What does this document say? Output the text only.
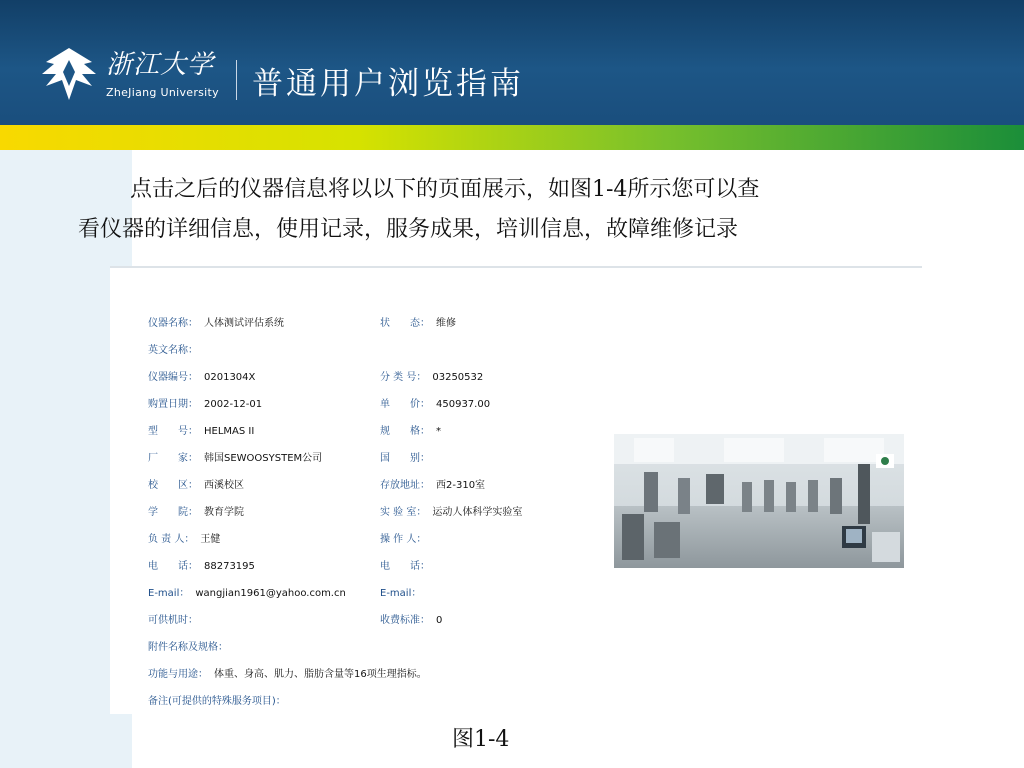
浙江大学
ZheJiang University 普通用户浏览指南

点击之后的仪器信息将以以下的页面展示，如图1-4所示您可以查

看仪器的详细信息，使用记录，服务成果，培训信息，故障维修记录

仪器名称： 人体测试评估系统
英文名称：
仪器编号： 0201304X
购置日期： 2002-12-01
型　　号： HELMAS II
厂　　家： 韩国SEWOOSYSTEM公司
校　　区： 西溪校区
学　　院： 教育学院
负 责 人： 王健
电　　话： 88273195
E-mail： wangjian1961@yahoo.com.cn
可供机时：
附件名称及规格：
功能与用途： 体重、身高、肌力、脂肪含量等16项生理指标。
备注(可提供的特殊服务项目)：
状　　态： 维修
分 类 号： 03250532
单　　价： 450937.00
规　　格： *
国　　别：
存放地址： 西2-310室
实 验 室： 运动人体科学实验室
操 作 人：
电　　话：
E-mail：
收费标准： 0
图1-4
